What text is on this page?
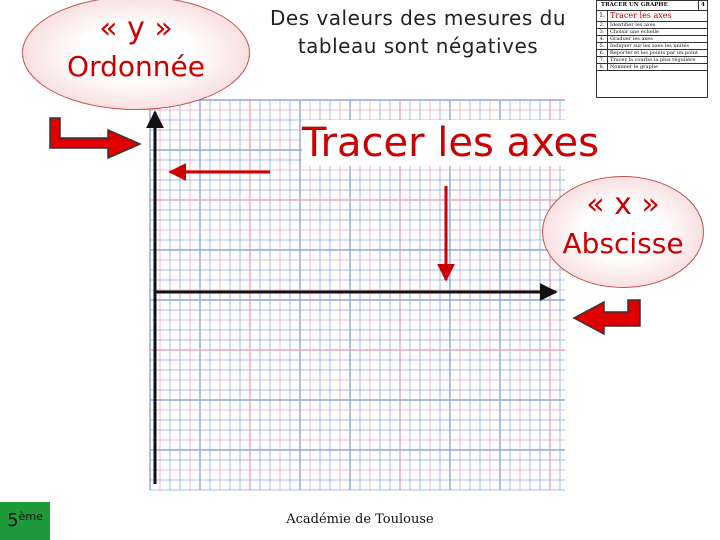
« y »
Ordonnée
Des valeurs des mesures du tableau sont négatives
Tracer les axes
TRACER UN GRAPHE	4
1. Tracer les axes
2.	Identifier les axes
3.	Choisir une échelle
4.	Graduer les axes
5.	Indiquer sur les axes les unités
6.	Reporter et les points par un point
7.	Tracer la courbe la plus régulière
8.	Nommer le graphe
« x »
Abscisse
5ème	Académie de Toulouse
